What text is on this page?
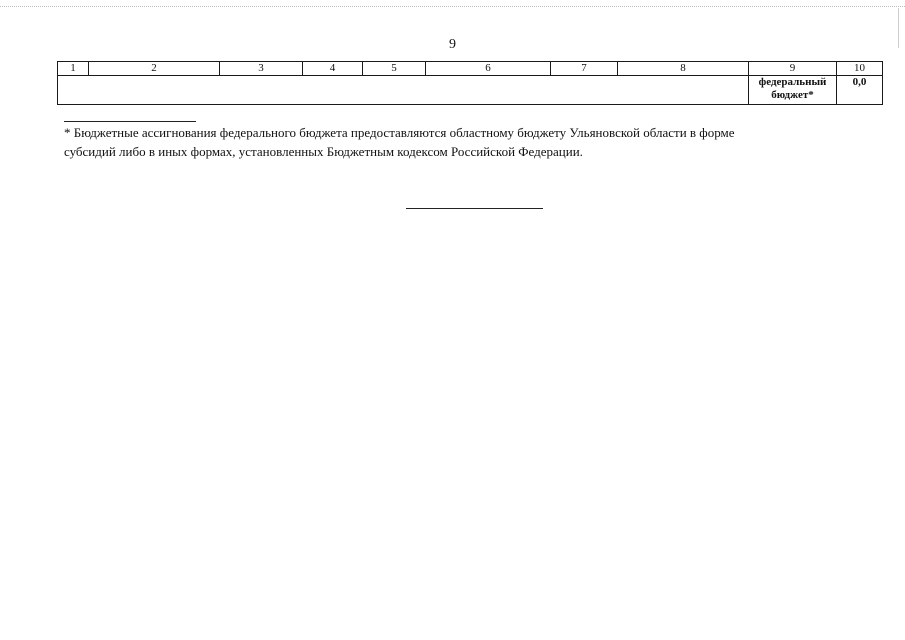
9
1	2	3	4	5	6	7	8	9	10

								федеральный
бюджет*	0,0

* Бюджетные ассигнования федерального бюджета предоставляются областному бюджету Ульяновской области в форме

субсидий либо в иных формах, установленных Бюджетным кодексом Российской Федерации.
